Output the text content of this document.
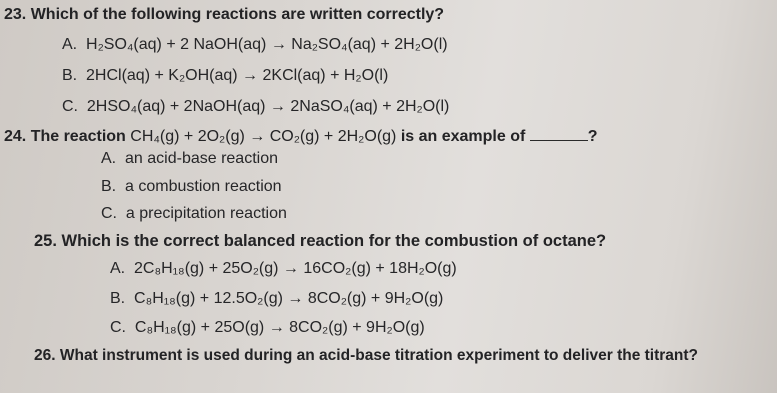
23. Which of the following reactions are written correctly?
A. H₂SO₄(aq) + 2 NaOH(aq) → Na₂SO₄(aq) + 2H₂O(l)
B. 2HCl(aq) + K₂OH(aq) → 2KCl(aq) + H₂O(l)
C. 2HSO₄(aq) + 2NaOH(aq) → 2NaSO₄(aq) + 2H₂O(l)
24. The reaction CH₄(g) + 2O₂(g) → CO₂(g) + 2H₂O(g) is an example of	?
A. an acid-base reaction
B. a combustion reaction
C. a precipitation reaction
25. Which is the correct balanced reaction for the combustion of octane?
A. 2C₈H₁₈(g) + 25O₂(g) → 16CO₂(g) + 18H₂O(g)
B. C₈H₁₈(g) + 12.5O₂(g) → 8CO₂(g) + 9H₂O(g)
C. C₈H₁₈(g) + 25O(g) → 8CO₂(g) + 9H₂O(g)
26. What instrument is used during an acid-base titration experiment to deliver the titrant?
